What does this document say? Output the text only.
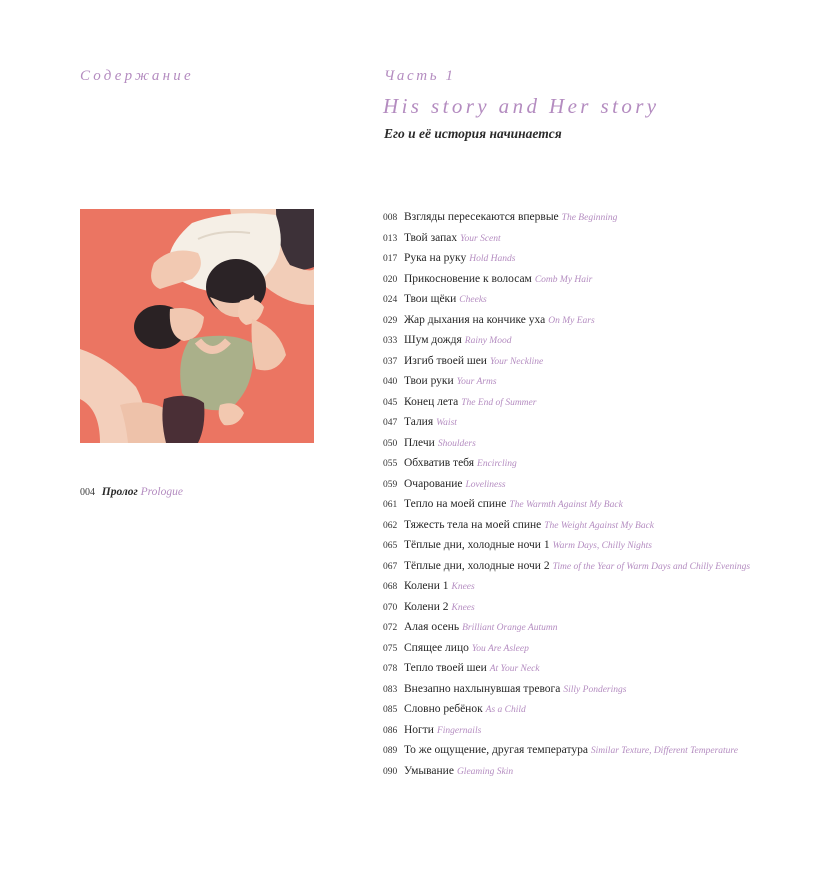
Содержание	Часть 1
His story and Her story
Его и её история начинается
004 Пролог Prologue
008 Взгляды пересекаются впервые The Beginning
013 Твой запах Your Scent
017 Рука на руку Hold Hands
020 Прикосновение к волосам Comb My Hair
024 Твои щёки Cheeks
029 Жар дыхания на кончике уха On My Ears
033 Шум дождя Rainy Mood
037 Изгиб твоей шеи Your Neckline
040 Твои руки Your Arms
045 Конец лета The End of Summer
047 Талия Waist
050 Плечи Shoulders
055 Обхватив тебя Encircling
059 Очарование Loveliness
061 Тепло на моей спине The Warmth Against My Back
062 Тяжесть тела на моей спине The Weight Against My Back
065 Тёплые дни, холодные ночи 1 Warm Days, Chilly Nights
067 Тёплые дни, холодные ночи 2 Time of the Year of Warm Days and Chilly Evenings
068 Колени 1 Knees
070 Колени 2 Knees
072 Алая осень Brilliant Orange Autumn
075 Спящее лицо You Are Asleep
078 Тепло твоей шеи At Your Neck
083 Внезапно нахлынувшая тревога Silly Ponderings
085 Словно ребёнок As a Child
086 Ногти Fingernails
089 То же ощущение, другая температура Similar Texture, Different Temperature
090 Умывание Gleaming Skin
